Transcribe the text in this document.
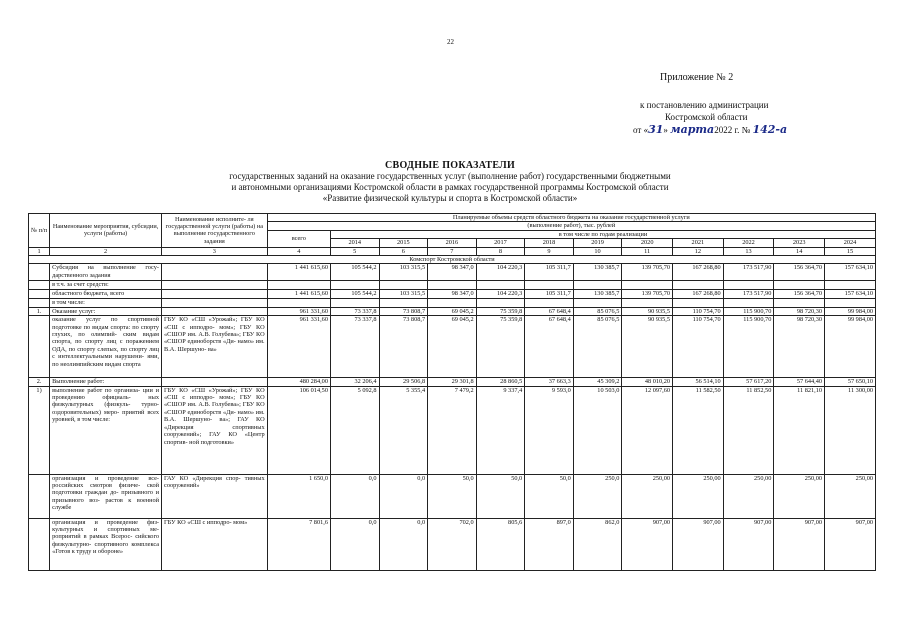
22
Приложение № 2
к постановлению администрации
Костромской области
от «31» марта2022 г. № 142-а
СВОДНЫЕ ПОКАЗАТЕЛИ
государственных заданий на оказание государственных услуг (выполнение работ) государственными бюджетными
и автономными организациями Костромской области в рамках государственной программы Костромской области
«Развитие физической культуры и спорта в Костромской области»
№ п/п	Наименование мероприятия, субсидии, услуги (работы)	Наименование исполните- ля государственной услуги (работы) на выполнение государственного задания	Планируемые объемы средств областного бюджета на оказание государственной услуги											
			(выполнение работ), тыс. рублей											
			всего	в том числе по годам реализации										
				2014	2015	2016	2017	2018	2019	2020	2021	2022	2023	2024
1	2	3	4	5	6	7	8	9	10	11	12	13	14	15
Комспорт Костромской области														
	Субсидия на выполнение госу- дарственного задания		1 441 615,60	105 544,2	103 315,5	98 347,0	104 220,3	105 311,7	130 385,7	139 705,70	167 268,80	173 517,90	156 364,70	157 634,10
	в т.ч. за счет средств:													
	областного бюджета, всего		1 441 615,60	105 544,2	103 315,5	98 347,0	104 220,3	105 311,7	130 385,7	139 705,70	167 268,80	173 517,90	156 364,70	157 634,10
	в том числе:													
1.	Оказание услуг:		961 331,60	73 337,8	73 808,7	69 045,2	75 359,8	67 648,4	85 076,5	90 935,5	110 754,70	115 900,70	98 720,30	99 984,00
	оказание услуг по спортивной подготовке по видам спорта: по спорту глухих, по олимпий- ским видам спорта, по спорту лиц с поражением ОДА, по спорту слепых, по спорту лиц с интеллектуальными нарушени- ями, по неолимпийским видам спорта	ГБУ КО «СШ «Урожай»; ГБУ КО «СШ с ипподро- мом»; ГБУ КО «СШОР им. А.В. Голубева»; ГБУ КО «СШОР единоборств «Ди- намо» им. В.А. Шершуно- ва»	961 331,60	73 337,8	73 808,7	69 045,2	75 359,8	67 648,4	85 076,5	90 935,5	110 754,70	115 900,70	98 720,30	99 984,00
2.	Выполнение работ:		480 284,00	32 206,4	29 506,8	29 301,8	28 860,5	37 663,3	45 309,2	48 010,20	56 514,10	57 617,20	57 644,40	57 650,10
1)	выполнение работ по организа- ции и проведению официаль- ных физкультурных (физкуль- турно-оздоровительных) меро- приятий всех уровней, в том числе:	ГБУ КО «СШ «Урожай»; ГБУ КО «СШ с ипподро- мом»; ГБУ КО «СШОР им. А.В. Голубева»; ГБУ КО «СШОР единоборств «Ди- намо» им. В.А. Шершуно- ва»; ГАУ КО «Дирекция спортивных сооружений»; ГАУ КО «Центр спортив- ной подготовки»	106 014,50	5 092,8	5 355,4	7 479,2	9 337,4	9 593,0	10 503,0	12 097,60	11 582,50	11 852,50	11 821,10	11 300,00
	организация и проведение все- российских смотров физиче- ской подготовки граждан до- призывного и призывного воз- растов к военной службе	ГАУ КО «Дирекция спор- тивных сооружений»	1 650,0	0,0	0,0	50,0	50,0	50,0	250,0	250,00	250,00	250,00	250,00	250,00
	организация и проведение физ- культурных и спортивных ме- роприятий в рамках Всерос- сийского физкультурно- спортивного комплекса «Готов к труду и обороне»	ГБУ КО «СШ с ипподро- мом»	7 801,6	0,0	0,0	702,0	805,6	897,0	862,0	907,00	907,00	907,00	907,00	907,00
